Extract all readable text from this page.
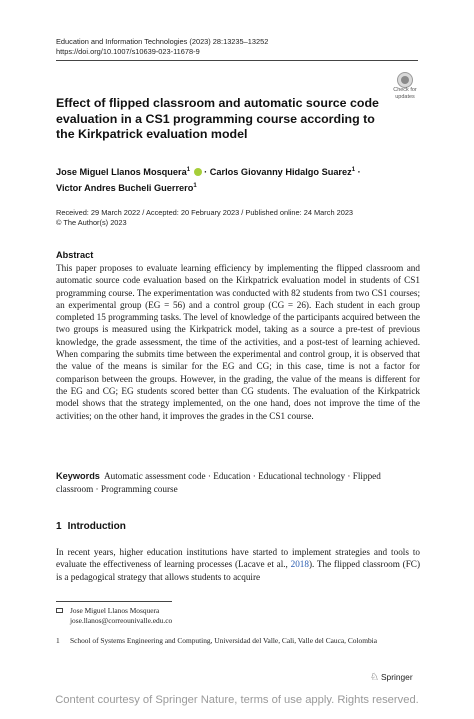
Education and Information Technologies (2023) 28:13235–13252
https://doi.org/10.1007/s10639-023-11678-9
Check for updates
Effect of flipped classroom and automatic source code evaluation in a CS1 programming course according to the Kirkpatrick evaluation model
Jose Miguel Llanos Mosquera$^1$  · Carlos Giovanny Hidalgo Suarez$^1$ ·
Victor Andres Bucheli Guerrero$^1$
Received: 29 March 2022 / Accepted: 20 February 2023 / Published online: 24 March 2023
© The Author(s) 2023
Abstract
This paper proposes to evaluate learning efficiency by implementing the flipped classroom and automatic source code evaluation based on the Kirkpatrick evaluation model in students of CS1 programming course. The experimentation was conducted with 82 students from two CS1 courses; an experimental group (EG = 56) and a control group (CG = 26). Each student in each group completed 15 programming tasks. The level of knowledge of the participants acquired between the two groups is measured using the Kirkpatrick model, taking as a source a pre-test of previous knowledge, the grade assessment, the time of the activities, and a post-test of learning achieved. When comparing the submits time between the experimental and control group, it is observed that the value of the means is similar for the EG and CG; in this case, time is not a factor for comparison between the groups. However, in the grading, the value of the means is different for the EG and CG; EG students scored better than CG students. The evaluation of the Kirkpatrick model shows that the strategy implemented, on the one hand, does not improve the time of the activities; on the other hand, it improves the grades in the CS1 course.
Keywords Automatic assessment code · Education · Educational technology · Flipped classroom · Programming course
1 Introduction
In recent years, higher education institutions have started to implement strategies and tools to evaluate the effectiveness of learning processes (Lacave et al., 2018). The flipped classroom (FC) is a pedagogical strategy that allows students to acquire
Jose Miguel Llanos Mosquera
jose.llanos@correounivalle.edu.co
1 School of Systems Engineering and Computing, Universidad del Valle, Cali, Valle del Cauca, Colombia
♘ Springer
Content courtesy of Springer Nature, terms of use apply. Rights reserved.
